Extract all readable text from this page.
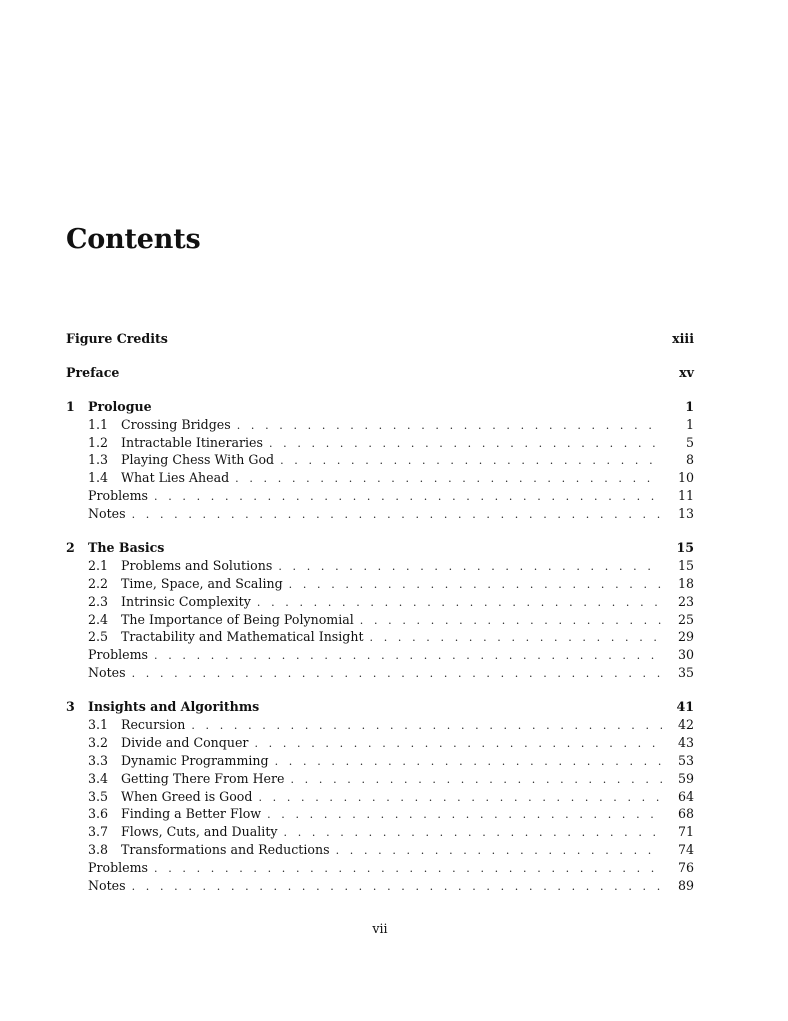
Contents
Figure Credits	xiii
Preface	xv
1	Prologue	1
1.1	Crossing Bridges . . .	1
1.2	Intractable Itineraries . . .	5
1.3	Playing Chess With God . . .	8
1.4	What Lies Ahead . . .	10
Problems . . .	11
Notes . . .	13
2	The Basics	15
2.1	Problems and Solutions . . .	15
2.2	Time, Space, and Scaling . . .	18
2.3	Intrinsic Complexity . . .	23
2.4	The Importance of Being Polynomial . . .	25
2.5	Tractability and Mathematical Insight . . .	29
Problems . . .	30
Notes . . .	35
3	Insights and Algorithms	41
3.1	Recursion . . .	42
3.2	Divide and Conquer . . .	43
3.3	Dynamic Programming . . .	53
3.4	Getting There From Here . . .	59
3.5	When Greed is Good . . .	64
3.6	Finding a Better Flow . . .	68
3.7	Flows, Cuts, and Duality . . .	71
3.8	Transformations and Reductions . . .	74
Problems . . .	76
Notes . . .	89
vii
